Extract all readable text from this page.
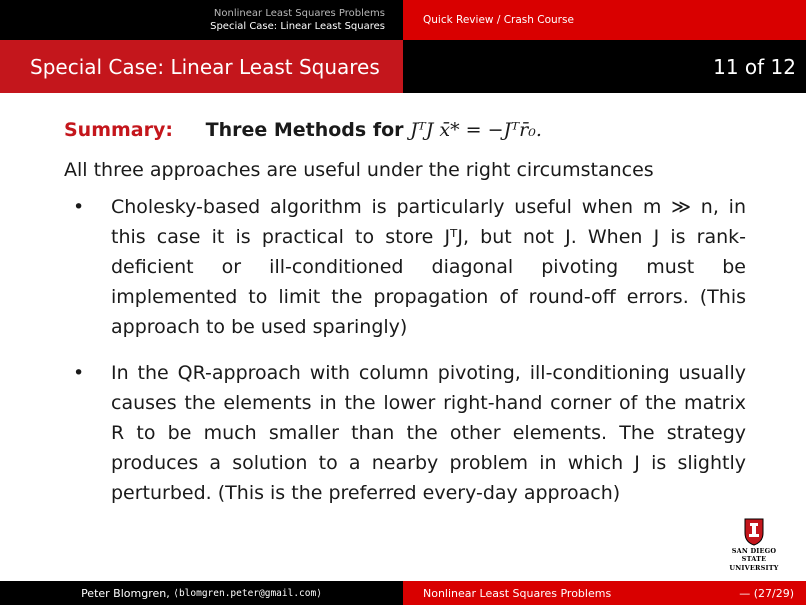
Nonlinear Least Squares Problems
Special Case: Linear Least Squares
Quick Review / Crash Course
Special Case: Linear Least Squares	11 of 12
Summary: Three Methods for JᵀJ x̄* = −Jᵀr̄₀.
All three approaches are useful under the right circumstances
• Cholesky-based algorithm is particularly useful when m ≫ n, in this case it is practical to store JᵀJ, but not J. When J is rank-deficient or ill-conditioned diagonal pivoting must be implemented to limit the propagation of round-off errors. (This approach to be used sparingly)
• In the QR-approach with column pivoting, ill-conditioning usually causes the elements in the lower right-hand corner of the matrix R to be much smaller than the other elements. The strategy produces a solution to a nearby problem in which J is slightly perturbed. (This is the preferred every-day approach)
SAN DIEGO STATE
UNIVERSITY
Peter Blomgren,
⟨blomgren.peter@gmail.com⟩	Nonlinear Least Squares Problems	— (27/29)
